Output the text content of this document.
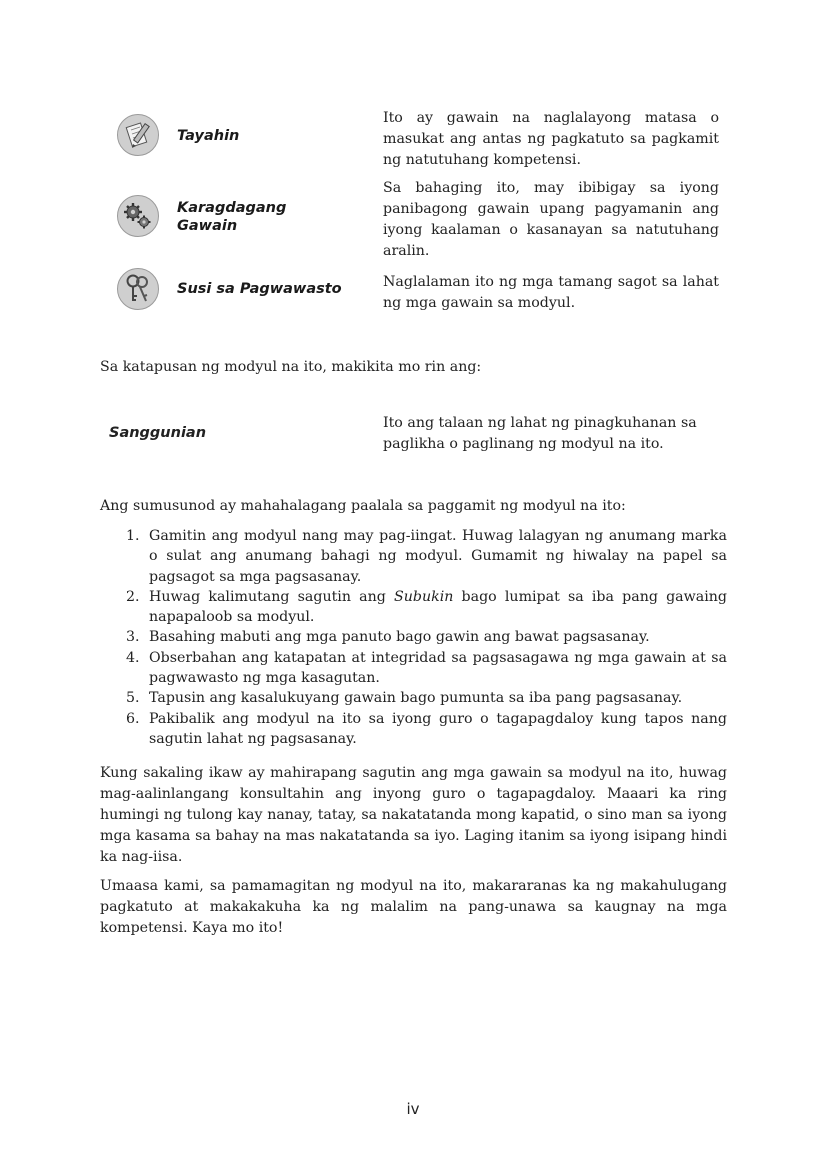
Tayahin
Ito ay gawain na naglalayong matasa o masukat ang antas ng pagkatuto sa pagkamit ng natutuhang kompetensi.
Karagdagang
Gawain
Sa bahaging ito, may ibibigay sa iyong panibagong gawain upang pagyamanin ang iyong kaalaman o kasanayan sa natutuhang aralin.
Susi sa Pagwawasto	Naglalaman ito ng mga tamang sagot sa lahat ng mga gawain sa modyul.

Sa katapusan ng modyul na ito, makikita mo rin ang:

Sanggunian
Ito ang talaan ng lahat ng pinagkuhanan sa paglikha o paglinang ng modyul na ito.

Ang sumusunod ay mahahalagang paalala sa paggamit ng modyul na ito:

1. Gamitin ang modyul nang may pag-iingat. Huwag lalagyan ng anumang marka o sulat ang anumang bahagi ng modyul. Gumamit ng hiwalay na papel sa pagsagot sa mga pagsasanay.
2. Huwag kalimutang sagutin ang Subukin bago lumipat sa iba pang gawaing napapaloob sa modyul.
3. Basahing mabuti ang mga panuto bago gawin ang bawat pagsasanay.
4. Obserbahan ang katapatan at integridad sa pagsasagawa ng mga gawain at sa pagwawasto ng mga kasagutan.
5. Tapusin ang kasalukuyang gawain bago pumunta sa iba pang pagsasanay.
6. Pakibalik ang modyul na ito sa iyong guro o tagapagdaloy kung tapos nang sagutin lahat ng pagsasanay.

Kung sakaling ikaw ay mahirapang sagutin ang mga gawain sa modyul na ito, huwag mag-aalinlangang konsultahin ang inyong guro o tagapagdaloy. Maaari ka ring humingi ng tulong kay nanay, tatay, sa nakatatanda mong kapatid, o sino man sa iyong mga kasama sa bahay na mas nakatatanda sa iyo. Laging itanim sa iyong isipang hindi ka nag-iisa.

Umaasa kami, sa pamamagitan ng modyul na ito, makararanas ka ng makahulugang pagkatuto at makakakuha ka ng malalim na pang-unawa sa kaugnay na mga kompetensi. Kaya mo ito!

iv
